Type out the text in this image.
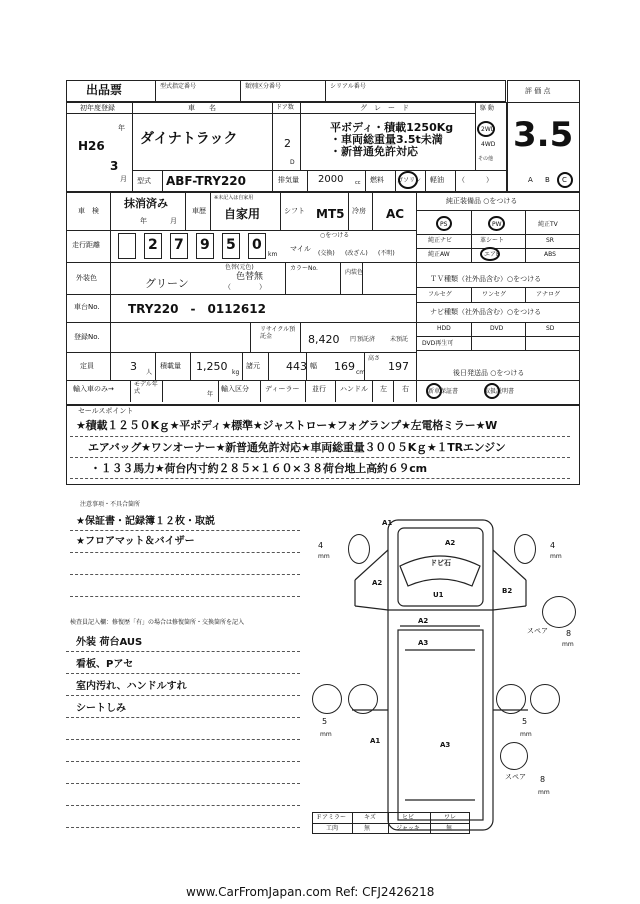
出品票	型式指定番号	類別区分番号	シリアル番号
評 価 点
3.5
初年度登録
H26
年
3
月
車　　名
ダイナトラック
型式 ABF-TRY220
ドア数
2
D
グ　レ　ー　ド
平ボディ・積載1250Kg
・車両総重量3.5t未満
・新普通免許対応
駆 動
2WD
4WD
その他
排気量 2000 cc 燃料 ガソリン 軽油 （　　　）	A B C
車　検
抹消済み
年	月
車歴
※未記入は自家用
自家用	シフト MT5 冷房 AC
純正装備品 ○をつける
PS	PW	純正TV
純正ナビ	革シート	SR
純正AW	エアB	ABS
走行距離	2 7 9 5 0
km
○をつける
マイル
(交換) (改ざん) (不明)
ＴＶ種類（社外品含む）○をつける
フルセグ	ワンセグ	アナログ
外装色	グリーン
色替(元色)
色替無
（　　　　）
カラーNo.
内装色
ナビ種類（社外品含む）○をつける
HDD	DVD	SD
DVD再生可
車台No. TRY220　-　0112612
登録No.
リサイクル預託金	8,420 円 預託済 未預託
後日発送品 ○をつける
定員	3 人
積載量 1,250 kg
諸元 443 幅 169 cm
高さ
197
輸入車のみ→
モデル年式	年
輸入区分 ディーラー 並行 ハンドル 左 右	新車保証書	取扱説明書
セールスポイント
★積載１２５０Kｇ★平ボディ★標準★ジャストロー★フォグランプ★左電格ミラー★W
エアバッグ★ワンオーナー★新普通免許対応★車両総重量３００５Kｇ★１TRエンジン
・１３３馬力★荷台内寸約２８５×１６０×３８荷台地上高約６９cm
注意事項・不具合箇所
★保証書・記録簿１２枚・取説
★フロアマット＆バイザー
検査員記入欄：修復歴「有」の場合は修復箇所・交換箇所を記入
外装 荷台AUS
看板、Pアセ
室内汚れ、ハンドルすれ
シートしみ
A1
A2
ドビ石
A2
B2
U1
A2
A3
A1	A3
4
mm
4
mm
5
mm
5
mm
スペア 8
mm
スペア 8
mm
Ｆアミラー	キズ	ヒビ	ワレ
工肉	無	ジャッキ	無
www.CarFromJapan.com Ref: CFJ2426218
